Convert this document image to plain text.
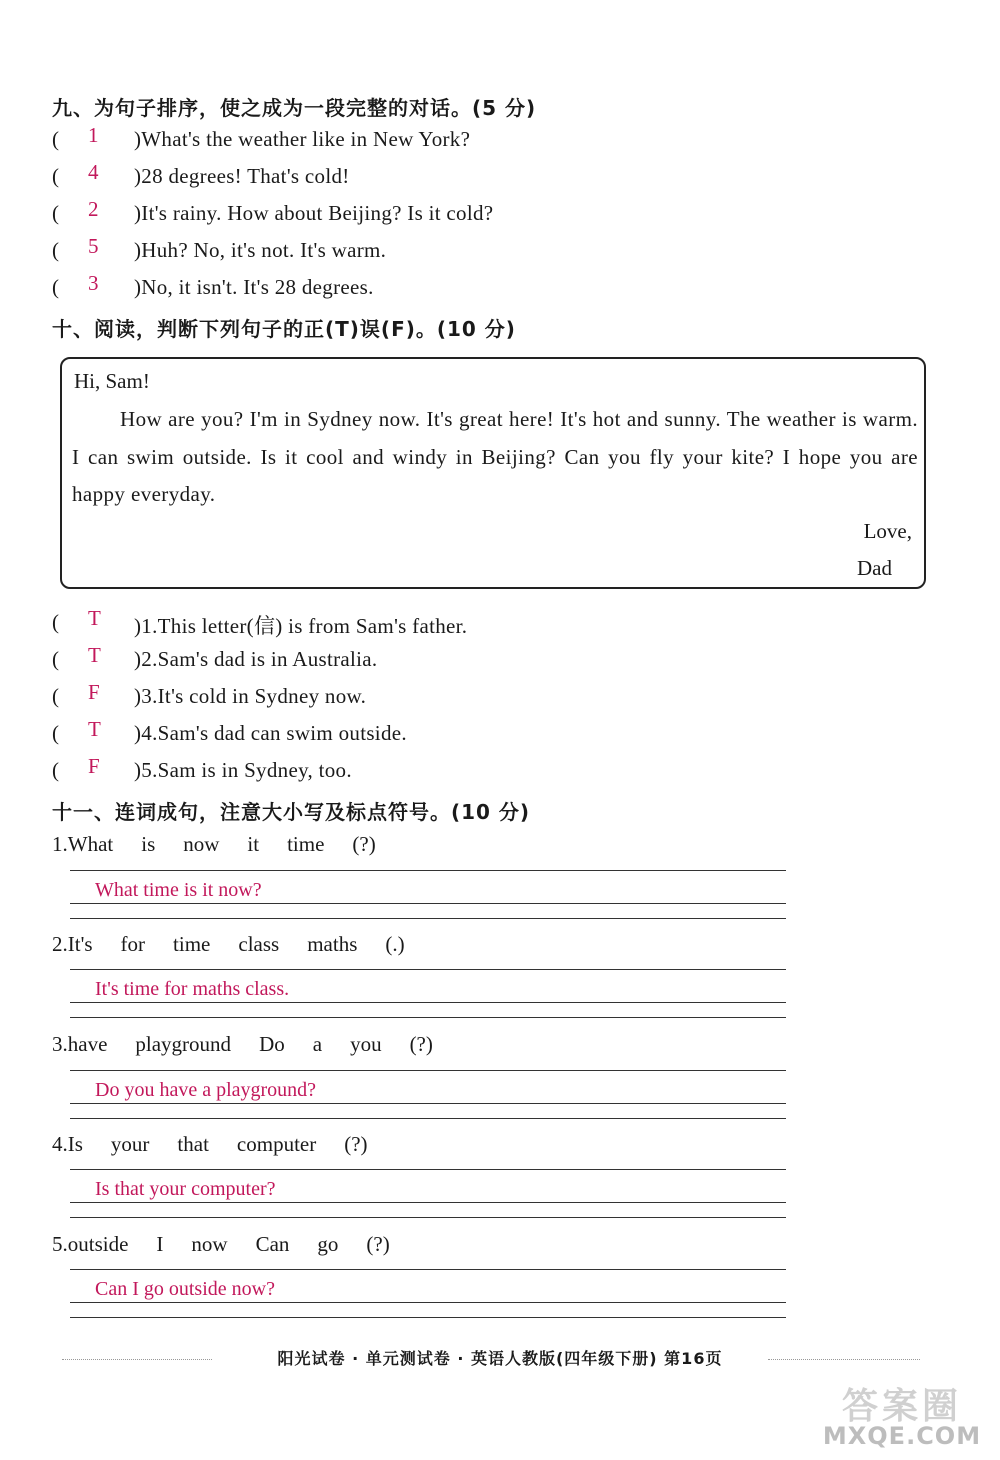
九、为句子排序，使之成为一段完整的对话。(5 分)
( 1 )What's the weather like in New York?
( 4 )28 degrees! That's cold!
( 2 )It's rainy. How about Beijing? Is it cold?
( 5 )Huh? No, it's not. It's warm.
( 3 )No, it isn't. It's 28 degrees.
十、阅读，判断下列句子的正(T)误(F)。(10 分)
Hi, Sam!
How are you? I'm in Sydney now. It's great here! It's hot and sunny. The weather is warm. I can swim outside. Is it cool and windy in Beijing? Can you fly your kite? I hope you are happy everyday.
Love,
Dad
( T )1.This letter(信) is from Sam's father.
( T )2.Sam's dad is in Australia.
( F )3.It's cold in Sydney now.
( T )4.Sam's dad can swim outside.
( F )5.Sam is in Sydney, too.
十一、连词成句，注意大小写及标点符号。(10 分)
1.What is now it time (?)
What time is it now?
2.It's for time class maths (.)
It's time for maths class.
3.have playground Do a you (?)
Do you have a playground?
4.Is your that computer (?)
Is that your computer?
5.outside I now Can go (?)
Can I go outside now?
阳光试卷 · 单元测试卷 · 英语人教版(四年级下册) 第16页
答案圈
MXQE.COM
